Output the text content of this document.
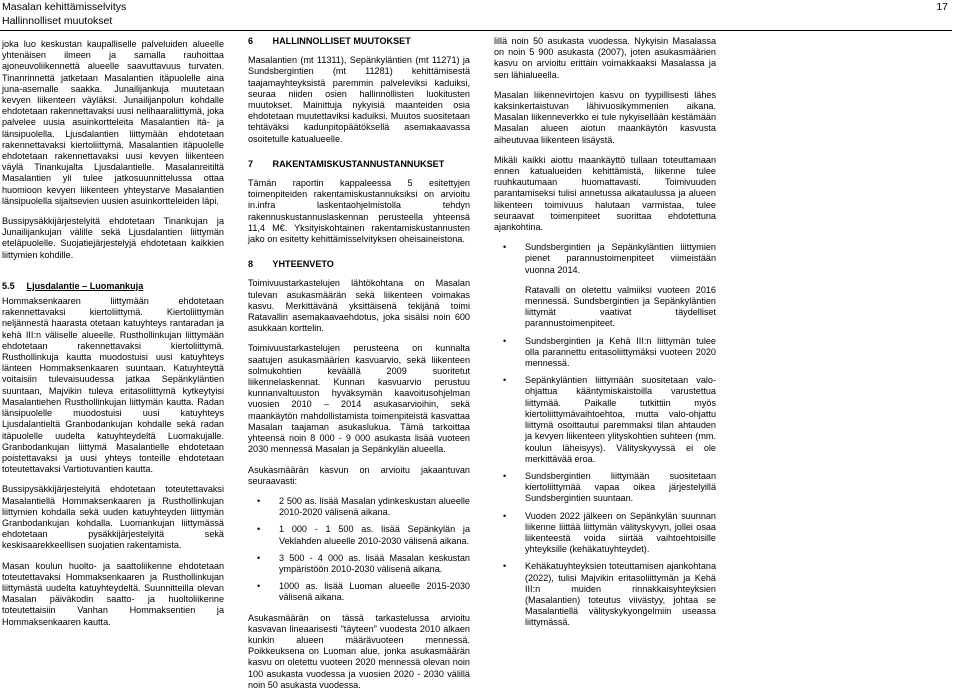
Masalan kehittämisselvitys
Hallinnolliset muutokset
17

joka luo keskustan kaupalliselle palveluiden alueelle yhtenäisen ilmeen ja samalla rauhoittaa ajoneuvoliikennettä alueelle saavuttavuus turvaten. Tinanrinnettä jatketaan Masalantien itäpuolelle aina juna-asemalle saakka. Junailijankuja muutetaan kevyen liikenteen väyläksi. Junailijanpolun kohdalle ehdotetaan rakennettavaksi uusi nelihaaraliittymä, joka palvelee uusia asuinkortteleita Masalantien itä- ja länsipuolella. Ljusdalantien liittymään ehdotetaan rakennettavaksi kiertoliittymä. Masalantien itäpuolelle ehdotetaan rakennettavaksi uusi kevyen liikenteen väylä Tinankujalta Ljusdalantielle. Masalanreitiltä Masalantien yli tulee jatkosuunnittelussa ottaa huomioon kevyen liikenteen yhteystarve Masalantien länsipuolella sijaitsevien uusien asuinkortteleiden läpi.

Bussipysäkkijärjestelyitä ehdotetaan Tinankujan ja Junailijankujan välille sekä Ljusdalantien liittymän eteläpuolelle. Suojatiejärjestelyjä ehdotetaan kaikkien liittymien kohdille.

5.5 Ljusdalantie – Luomankuja

Hommaksenkaaren liittymään ehdotetaan rakennettavaksi kiertoliittymä. Kiertoliittymän neljännestä haarasta otetaan katuyhteys rantaradan ja kehä III:n väliselle alueelle. Rusthollinkujan liittymään ehdotetaan rakennettavaksi kiertoliittymä. Rusthollinkuja kautta muodostuisi uusi katuyhteys länteen Hommaksenkaaren suuntaan. Katuyhteyttä voitaisiin tulevaisuudessa jatkaa Sepänkyläntien suuntaan, Majvikin tuleva eritasoliittymä kytkeytyisi Masalantiehen Rusthollinkujan liittymän kautta. Radan länsipuolelle muodostuisi uusi katuyhteys Ljusdalantieltä Granbodankujan kohdalle sekä radan itäpuolelle uudelta katuyhteydeltä Luomakujalle. Granbodankujan liittymä Masalantielle ehdotetaan poistettavaksi ja uusi yhteys tonteille ehdotetaan toteutettavaksi Vartiotuvantien kautta.

Bussipysäkkijärjestelyitä ehdotetaan toteutettavaksi Masalantiellä Hommaksenkaaren ja Rusthollinkujan liittymien kohdalla sekä uuden katuyhteyden liittymän Granbodankujan kohdalla. Luomankujan liittymässä ehdotetaan pysäkkijärjestelyitä sekä keskisaarekkeellisen suojatien rakentamista.

Masan koulun huolto- ja saattoliikenne ehdotetaan toteutettavaksi Hommaksenkaaren ja Rusthollinkujan liittymästä uudelta katuyhteydeltä. Suunnitteilla olevan Masalan päiväkodin saatto- ja huoltoliikenne toteutettaisiin Vanhan Hommaksentien ja Hommaksenkaaren kautta.

6 HALLINNOLLISET MUUTOKSET

Masalantien (mt 11311), Sepänkyläntien (mt 11271) ja Sundsbergintien (mt 11281) kehittämisestä taajamayhteyksistä paremmin palveleviksi kaduiksi, seuraa niiden osien hallinnollisten luokitusten muutokset. Mainittuja nykyisiä maanteiden osia ehdotetaan muutettaviksi kaduiksi. Muutos suositetaan tehtäväksi kadunpitopäätöksellä asemakaavassa osoitetulle katualueelle.

7 RAKENTAMISKUSTANNUSTANNUKSET

Tämän raportin kappaleessa 5 esitettyjen toimenpiteiden rakentamiskustannuksiksi on arvioitu in.infra laskentaohjelmistolla tehdyn rakennuskustannuslaskennan perusteella yhteensä 11,4 M€. Yksityiskohtainen rakentamiskustannusten jako on esitetty kehittämisselvityksen oheisaineistona.

8 YHTEENVETO

Toimivuustarkastelujen lähtökohtana on Masalan tulevan asukasmäärän sekä liikenteen voimakas kasvu. Merkittävänä yksittäisenä tekijänä toimi Ratavallin asemakaavaehdotus, joka sisälsi noin 600 asukkaan korttelin.

Toimivuustarkastelujen perusteena on kunnalta saatujen asukasmäärien kasvuarvio, sekä liikenteen solmukohtien keväällä 2009 suoritetut liikennelaskennat. Kunnan kasvuarvio perustuu kunnanvaltuuston hyväksymän kaavoitusohjelman vuosien 2010 – 2014 asukasarvioihin, sekä maankäytön mahdollistamista toimenpiteistä kasvattaa Masalan taajaman asukaslukua. Tämä tarkoittaa yhteensä noin 8 000 - 9 000 asukasta lisää vuoteen 2030 mennessä Masalan ja Sepänkylän alueella.

Asukasmäärän kasvun on arvioitu jakaantuvan seuraavasti:

• 2 500 as. lisää Masalan ydinkeskustan alueelle 2010-2020 välisenä aikana.
• 1 000 - 1 500 as. lisää Sepänkylän ja Veklahden alueelle 2010-2030 välisenä aikana.
• 3 500 - 4 000 as. lisää Masalan keskustan ympäristöön 2010-2030 välisenä aikana.
• 1000 as. lisää Luoman alueelle 2015-2030 välisenä aikana.

Asukasmäärän on tässä tarkastelussa arvioitu kasvavan lineaarisesti "täyteen" vuodesta 2010 alkaen kunkin alueen määrävuoteen mennessä. Poikkeuksena on Luoman alue, jonka asukasmäärän kasvu on oletettu vuoteen 2020 mennessä olevan noin 100 asukasta vuodessa ja vuosien 2020 - 2030 välillä noin 50 asukasta vuodessa.

lillä noin 50 asukasta vuodessa. Nykyisin Masalassa on noin 5 900 asukasta (2007), joten asukasmäärien kasvu on arvioitu erittäin voimakkaaksi Masalassa ja sen lähialueella.

Masalan liikennevirtojen kasvu on tyypillisesti lähes kaksinkertaistuvan lähivuosikymmenien aikana. Masalan liikenneverkko ei tule nykyisellään kestämään Masalan alueen aiotun maankäytön kasvusta aiheutuvaa liikenteen lisäystä.

Mikäli kaikki aiottu maankäyttö tullaan toteuttamaan ennen katualueiden kehittämistä, liikenne tulee ruuhkautumaan huomattavasti. Toimivuuden parantamiseksi tulisi annetussa aikataulussa ja alueen liikenteen toimivuus halutaan varmistaa, tulee seuraavat toimenpiteet suorittaa ehdotettuna ajankohtina.

• Sundsbergintien ja Sepänkyläntien liittymien pienet parannustoimenpiteet viimeistään vuonna 2014.
Ratavalli on oletettu valmiiksi vuoteen 2016 mennessä. Sundsbergintien ja Sepänkyläntien liittymät vaativat täydelliset parannustoimenpiteet.
• Sundsbergintien ja Kehä III:n liittymän tulee olla parannettu eritasoliittymäksi vuoteen 2020 mennessä.
• Sepänkyläntien liittymään suositetaan valo-ohjattua kääntymiskaistoilla varustettua liittymää. Paikalle tutkittiin myös kiertoliittymävaihtoehtoa, mutta valo-ohjattu liittymä osoittautui paremmaksi tilan ahtauden ja kevyen liikenteen ylityskohtien suhteen (mm. koulun läheisyys). Välityskyvyssä ei ole merkittävää eroa.
• Sundsbergintien liittymään suositetaan kiertoliittymää vapaa oikea järjestelyillä Sundsbergintien suuntaan.
• Vuoden 2022 jälkeen on Sepänkylän suunnan liikenne liittää liittymän välityskyvyn, jollei osaa liikenteestä voida siirtää vaihtoehtoisille yhteyksille (kehäkatuyhteydet).
• Kehäkatuyhteyksien toteuttamisen ajankohtana (2022), tulisi Majvikin eritasoliittymän ja Kehä III:n muiden rinnakkaisyhteyksien (Masalantien) toteutus viivästyy, johtaa se Masalantiellä välityskykyongelmiin useassa liittymässä.
